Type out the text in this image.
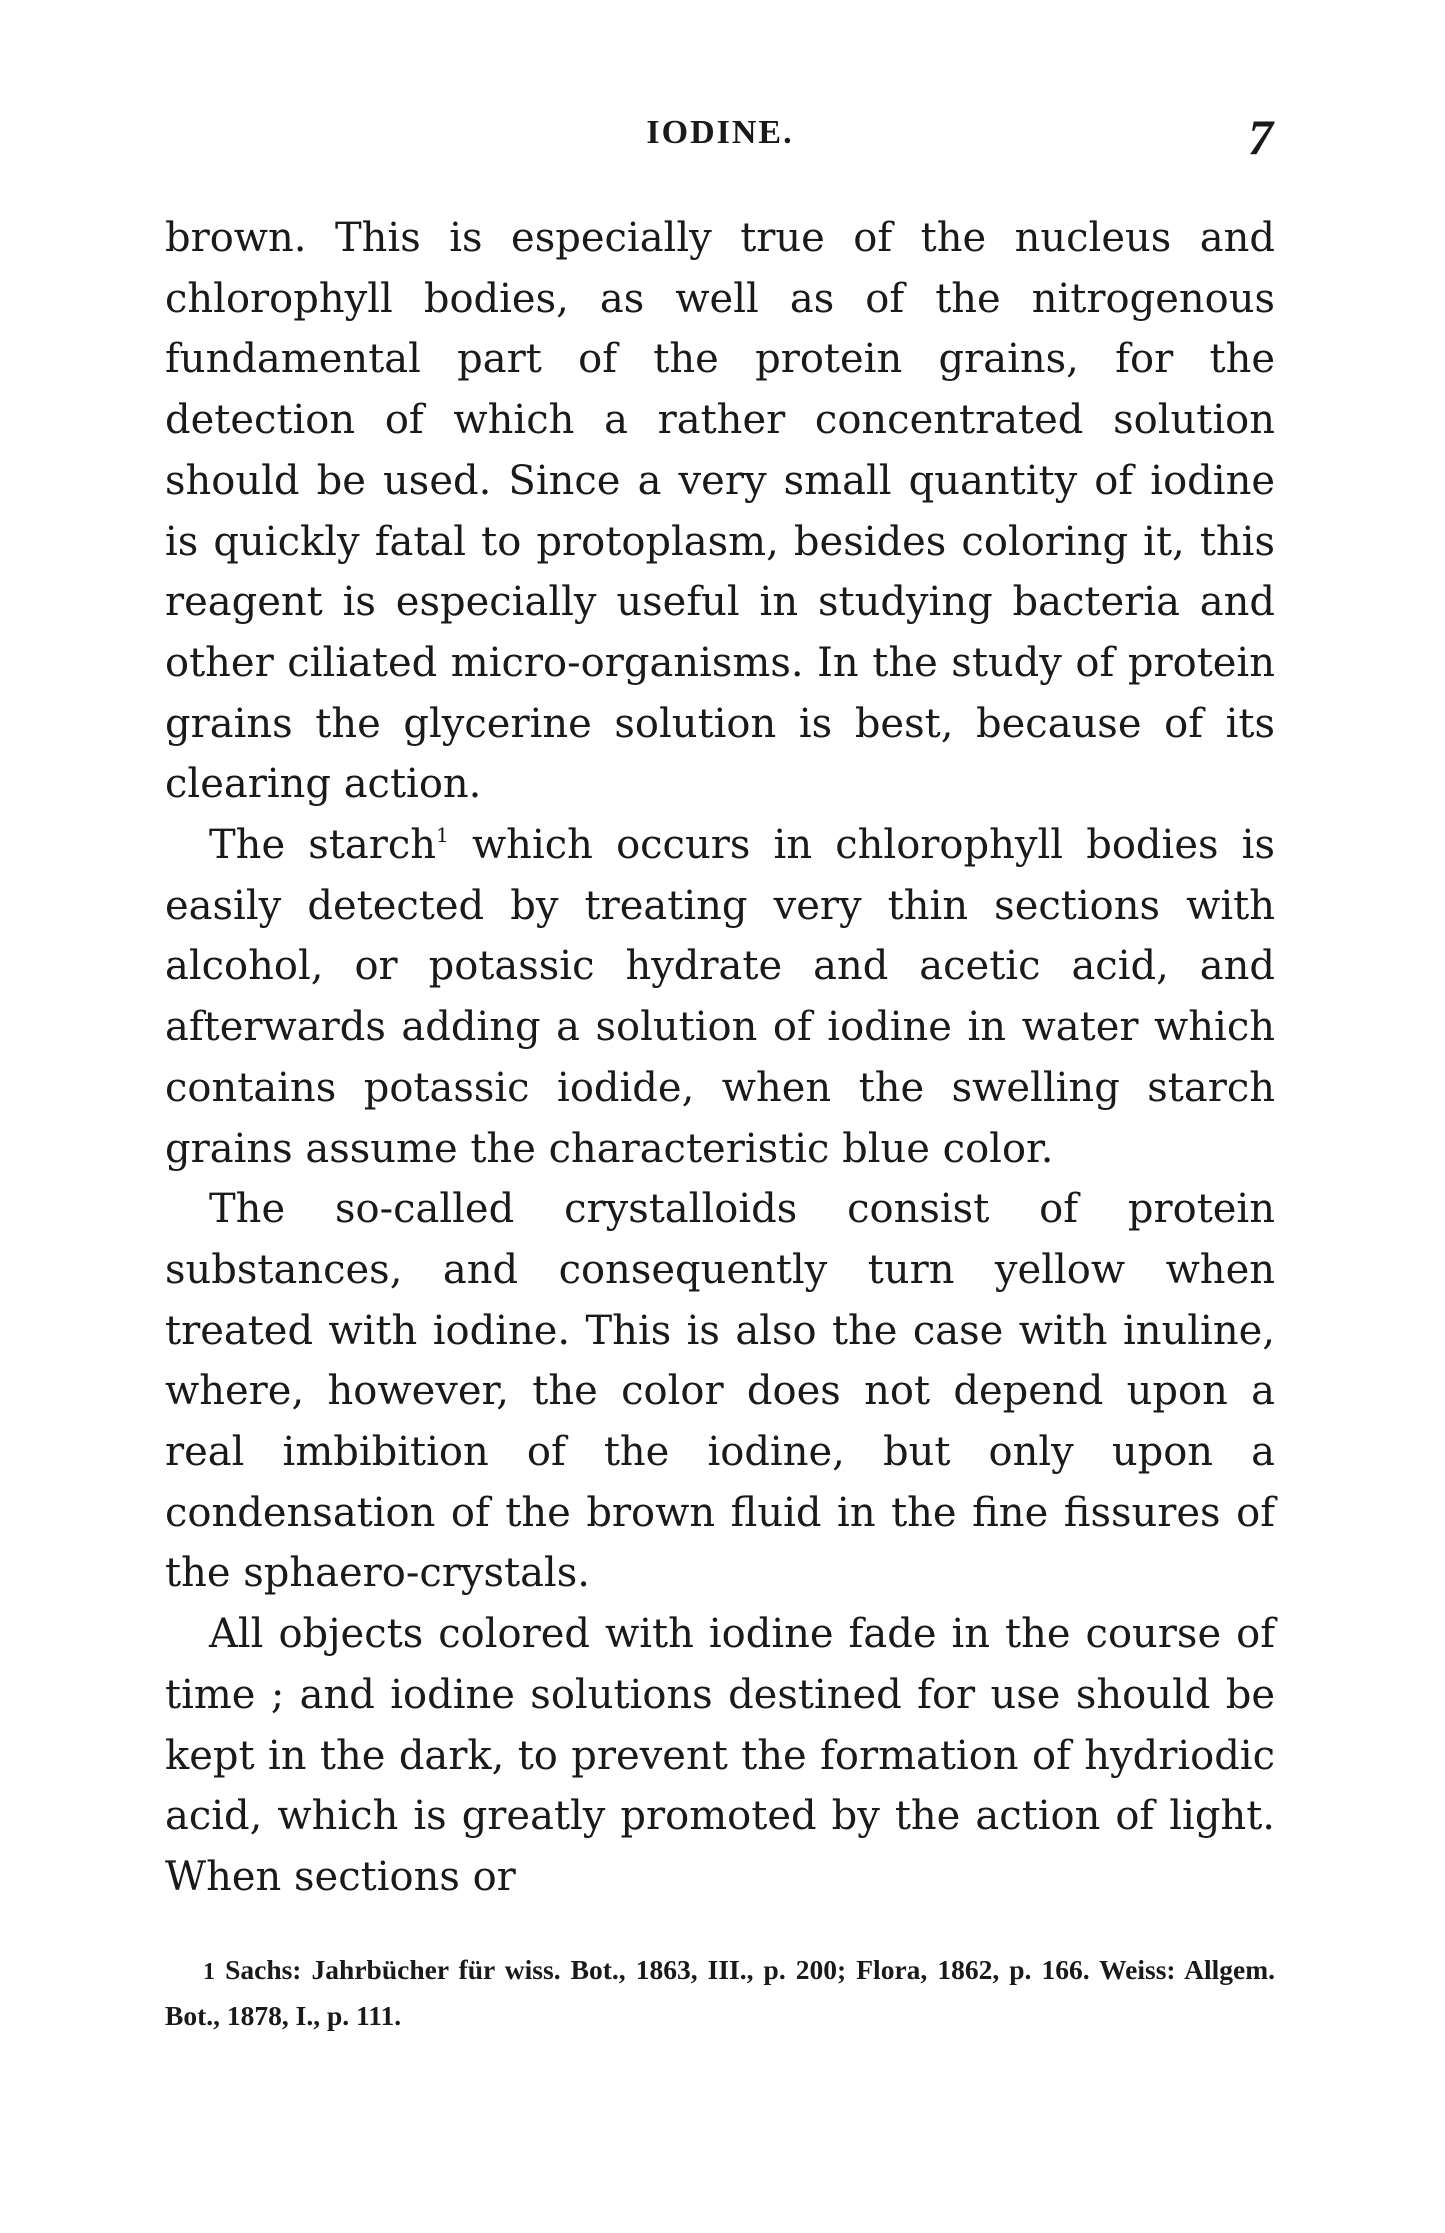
IODINE.	7

brown. This is especially true of the nucleus and chlorophyll bodies, as well as of the nitrogenous fundamental part of the protein grains, for the detection of which a rather concentrated solution should be used. Since a very small quantity of iodine is quickly fatal to protoplasm, besides coloring it, this reagent is especially useful in studying bacteria and other ciliated micro-organisms. In the study of protein grains the glycerine solution is best, because of its clearing action.

The starch$^1$ which occurs in chlorophyll bodies is easily detected by treating very thin sections with alcohol, or potassic hydrate and acetic acid, and afterwards adding a solution of iodine in water which contains potassic iodide, when the swelling starch grains assume the characteristic blue color.

The so-called crystalloids consist of protein substances, and consequently turn yellow when treated with iodine. This is also the case with inuline, where, however, the color does not depend upon a real imbibition of the iodine, but only upon a condensation of the brown fluid in the fine fissures of the sphaero-crystals.

All objects colored with iodine fade in the course of time ; and iodine solutions destined for use should be kept in the dark, to prevent the formation of hydriodic acid, which is greatly promoted by the action of light. When sections or

1 Sachs: Jahrbücher für wiss. Bot., 1863, III., p. 200; Flora, 1862, p. 166. Weiss: Allgem. Bot., 1878, I., p. 111.
